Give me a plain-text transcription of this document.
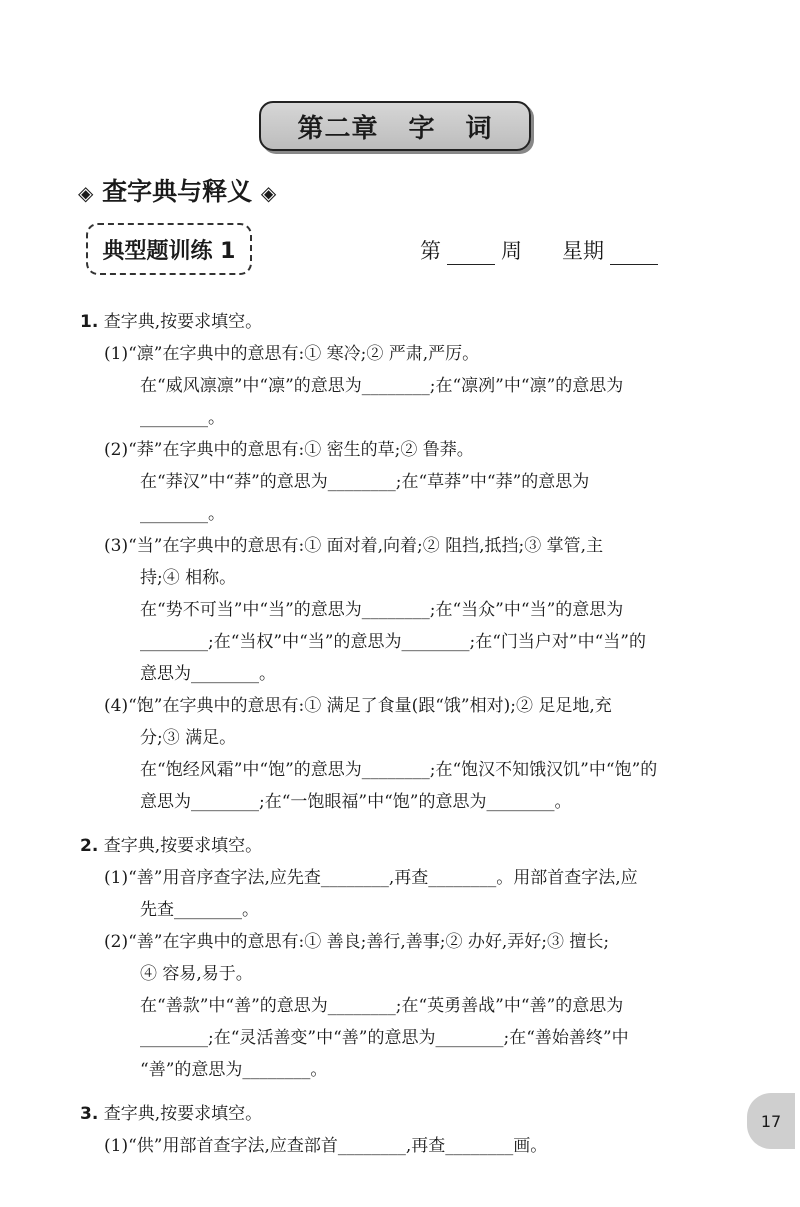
第二章 字 词
◈ 查字典与释义 ◈
典型题训练 1	第	周 星期
1. 查字典,按要求填空。
(1)“凛”在字典中的意思有:① 寒冷;② 严肃,严厉。
在“威风凛凛”中“凛”的意思为________;在“凛冽”中“凛”的意思为
________。
(2)“莽”在字典中的意思有:① 密生的草;② 鲁莽。
在“莽汉”中“莽”的意思为________;在“草莽”中“莽”的意思为
________。
(3)“当”在字典中的意思有:① 面对着,向着;② 阻挡,抵挡;③ 掌管,主
持;④ 相称。
在“势不可当”中“当”的意思为________;在“当众”中“当”的意思为
________;在“当权”中“当”的意思为________;在“门当户对”中“当”的
意思为________。
(4)“饱”在字典中的意思有:① 满足了食量(跟“饿”相对);② 足足地,充
分;③ 满足。
在“饱经风霜”中“饱”的意思为________;在“饱汉不知饿汉饥”中“饱”的
意思为________;在“一饱眼福”中“饱”的意思为________。
2. 查字典,按要求填空。
(1)“善”用音序查字法,应先查________,再查________。用部首查字法,应
先查________。
(2)“善”在字典中的意思有:① 善良;善行,善事;② 办好,弄好;③ 擅长;
④ 容易,易于。
在“善款”中“善”的意思为________;在“英勇善战”中“善”的意思为
________;在“灵活善变”中“善”的意思为________;在“善始善终”中
“善”的意思为________。
3. 查字典,按要求填空。
(1)“供”用部首查字法,应查部首________,再查________画。
17
